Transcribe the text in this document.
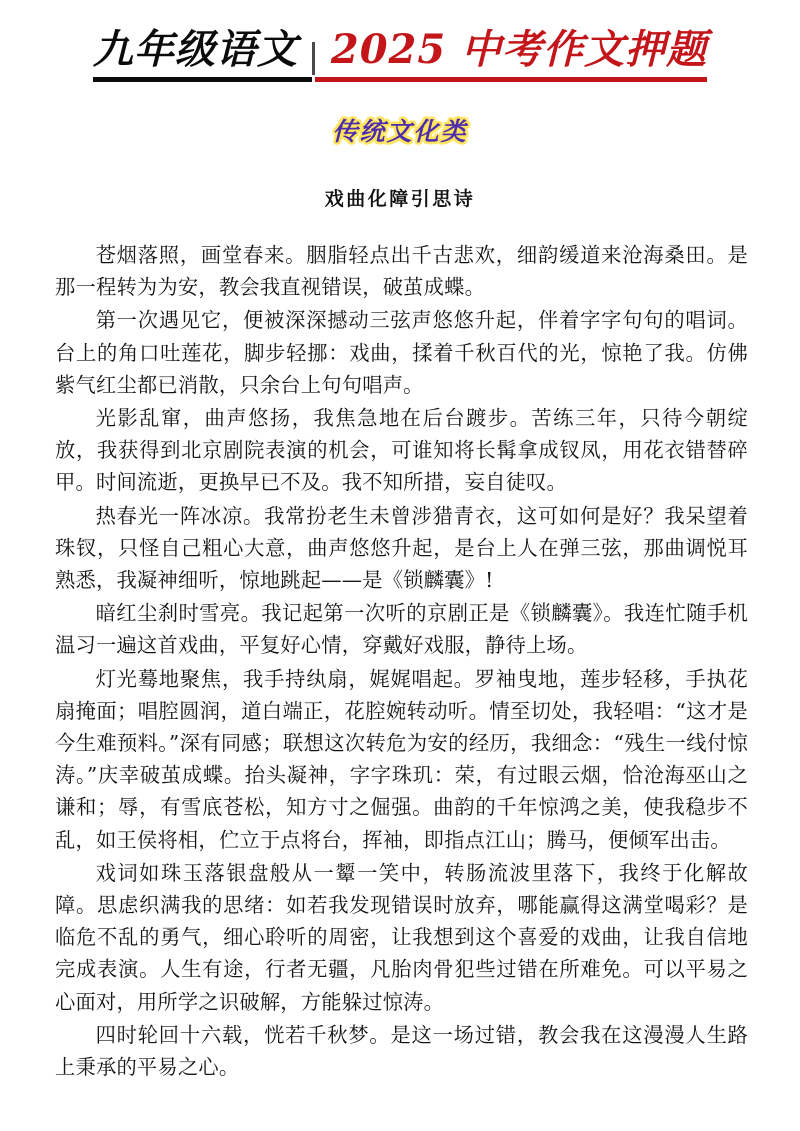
九年级语文 2025 中考作文押题
传统文化类
戏曲化障引思诗

苍烟落照，画堂春来。胭脂轻点出千古悲欢，细韵缓道来沧海桑田。是那一程转为为安，教会我直视错误，破茧成蝶。

第一次遇见它，便被深深撼动三弦声悠悠升起，伴着字字句句的唱词。台上的角口吐莲花，脚步轻挪：戏曲，揉着千秋百代的光，惊艳了我。仿佛紫气红尘都已消散，只余台上句句唱声。

光影乱窜，曲声悠扬，我焦急地在后台踱步。苦练三年，只待今朝绽放，我获得到北京剧院表演的机会，可谁知将长髯拿成钗凤，用花衣错替碎甲。时间流逝，更换早已不及。我不知所措，妄自徒叹。

热春光一阵冰凉。我常扮老生未曾涉猎青衣，这可如何是好？我呆望着珠钗，只怪自己粗心大意，曲声悠悠升起，是台上人在弹三弦，那曲调悦耳熟悉，我凝神细听，惊地跳起——是《锁麟囊》!

暗红尘刹时雪亮。我记起第一次听的京剧正是《锁麟囊》。我连忙随手机温习一遍这首戏曲，平复好心情，穿戴好戏服，静待上场。

灯光蓦地聚焦，我手持纨扇，娓娓唱起。罗袖曳地，莲步轻移，手执花扇掩面；唱腔圆润，道白端正，花腔婉转动听。情至切处，我轻唱：“这才是今生难预料。”深有同感；联想这次转危为安的经历，我细念：“残生一线付惊涛。”庆幸破茧成蝶。抬头凝神，字字珠玑：荣，有过眼云烟，恰沧海巫山之谦和；辱，有雪底苍松，知方寸之倔强。曲韵的千年惊鸿之美，使我稳步不乱，如王侯将相，伫立于点将台，挥袖，即指点江山；腾马，便倾军出击。

戏词如珠玉落银盘般从一颦一笑中，转肠流波里落下，我终于化解故障。思虑织满我的思绪：如若我发现错误时放弃，哪能赢得这满堂喝彩？是临危不乱的勇气，细心聆听的周密，让我想到这个喜爱的戏曲，让我自信地完成表演。人生有途，行者无疆，凡胎肉骨犯些过错在所难免。可以平易之心面对，用所学之识破解，方能躲过惊涛。

四时轮回十六载，恍若千秋梦。是这一场过错，教会我在这漫漫人生路上秉承的平易之心。
